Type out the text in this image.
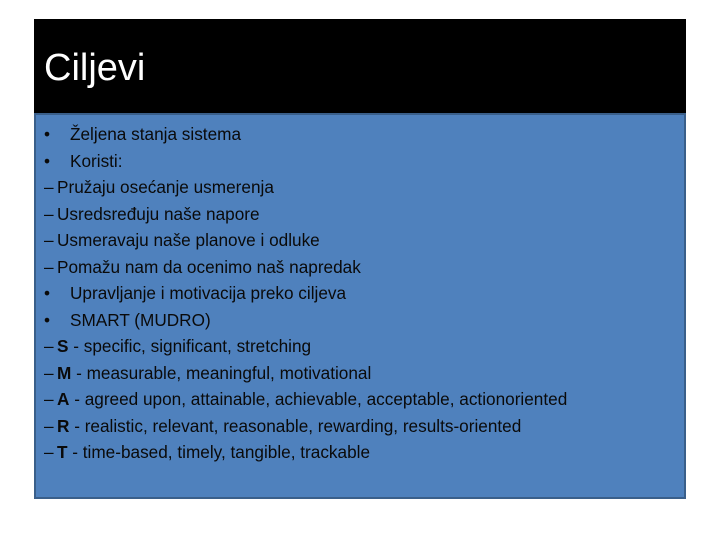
Ciljevi
• Željena stanja sistema
• Koristi:
– Pružaju osećanje usmerenja
– Usredsređuju naše napore
– Usmeravaju naše planove i odluke
– Pomažu nam da ocenimo naš napredak
• Upravljanje i motivacija preko ciljeva
• SMART (MUDRO)
– S - specific, significant, stretching
– M - measurable, meaningful, motivational
– A - agreed upon, attainable, achievable, acceptable, actionoriented
– R - realistic, relevant, reasonable, rewarding, results-oriented
– T - time-based, timely, tangible, trackable
